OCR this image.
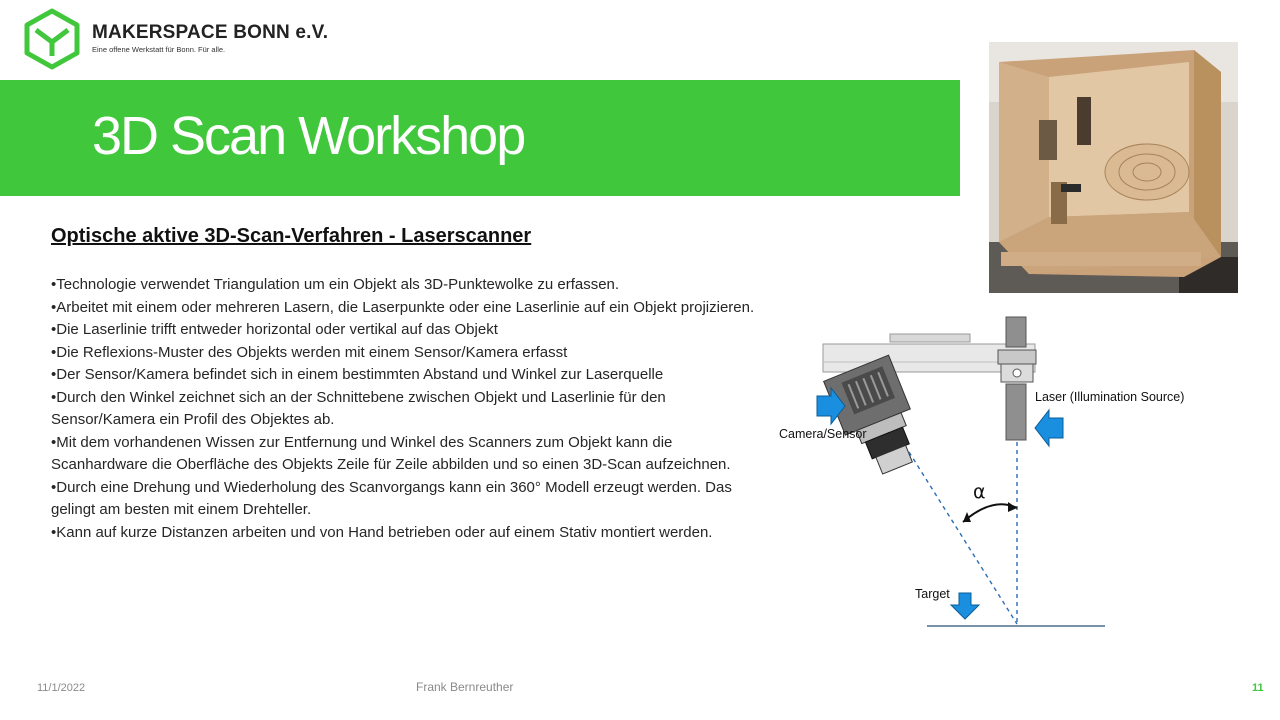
MAKERSPACE BONN e.V.
Eine offene Werkstatt für Bonn. Für alle.
3D Scan Workshop
Optische aktive 3D-Scan-Verfahren - Laserscanner
•Technologie verwendet Triangulation um ein Objekt als 3D-Punktewolke zu erfassen.
•Arbeitet mit einem oder mehreren Lasern, die Laserpunkte oder eine Laserlinie auf ein Objekt projizieren.
•Die Laserlinie trifft entweder horizontal oder vertikal auf das Objekt
•Die Reflexions-Muster des Objekts werden mit einem Sensor/Kamera erfasst
•Der Sensor/Kamera befindet sich in einem bestimmten Abstand und Winkel zur Laserquelle
•Durch den Winkel zeichnet sich an der Schnittebene zwischen Objekt und Laserlinie für den Sensor/Kamera ein Profil des Objektes ab.
•Mit dem vorhandenen Wissen zur Entfernung und Winkel des Scanners zum Objekt kann die Scanhardware die Oberfläche des Objekts Zeile für Zeile abbilden und so einen 3D-Scan aufzeichnen.
•Durch eine Drehung und Wiederholung des Scanvorgangs kann ein 360° Modell erzeugt werden. Das gelingt am besten mit einem Drehteller.
•Kann auf kurze Distanzen arbeiten und von Hand betrieben oder auf einem Stativ montiert werden.
Camera/Sensor
Laser (Illumination Source)
α
Target
11/1/2022	Frank Bernreuther	11
